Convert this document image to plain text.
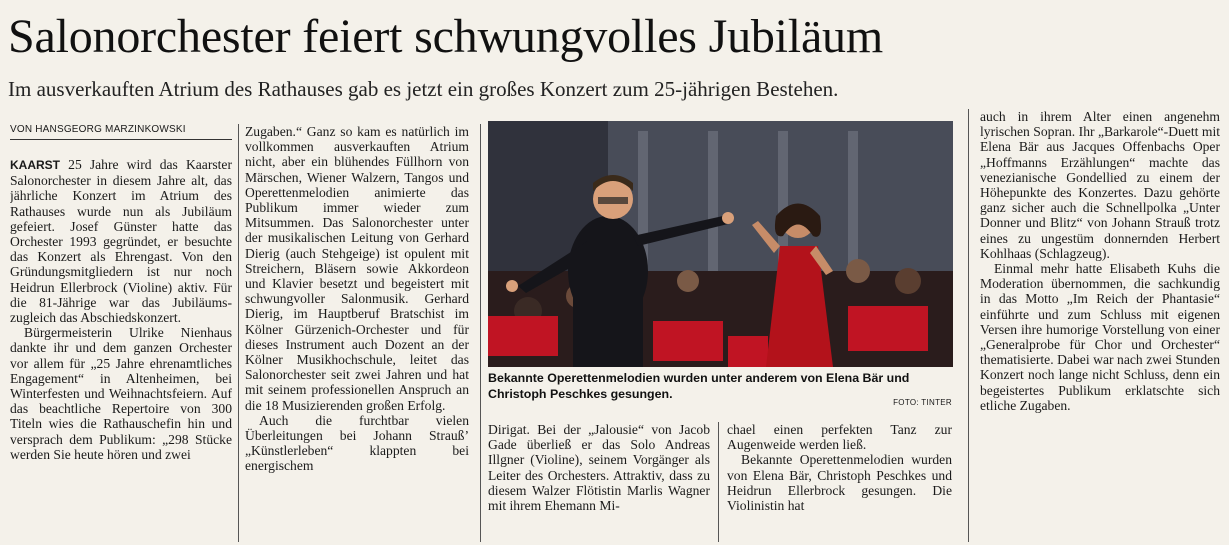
Salonorchester feiert schwungvolles Jubiläum
Im ausverkauften Atrium des Rathauses gab es jetzt ein großes Konzert zum 25-jährigen Bestehen.
VON HANSGEORG MARZINKOWSKI

KAARST 25 Jahre wird das Kaarster Salonorchester in diesem Jahre alt, das jährliche Konzert im Atrium des Rathauses wurde nun als Jubiläum gefeiert. Josef Günster hatte das Orchester 1993 gegründet, er besuchte das Konzert als Ehrengast. Von den Gründungsmitgliedern ist nur noch Heidrun Ellerbrock (Violine) aktiv. Für die 81-Jährige war das Jubiläums- zugleich das Abschiedskonzert.

Bürgermeisterin Ulrike Nienhaus dankte ihr und dem ganzen Orchester vor allem für „25 Jahre ehrenamtliches Engagement“ in Altenheimen, bei Winterfesten und Weihnachtsfeiern. Auf das beachtliche Repertoire von 300 Titeln wies die Rathauschefin hin und versprach dem Publikum: „298 Stücke werden Sie heute hören und zwei

Zugaben.“ Ganz so kam es natürlich im vollkommen ausverkauften Atrium nicht, aber ein blühendes Füllhorn von Märschen, Wiener Walzern, Tangos und Operettenmelodien animierte das Publikum immer wieder zum Mitsummen. Das Salonorchester unter der musikalischen Leitung von Gerhard Dierig (auch Stehgeige) ist opulent mit Streichern, Bläsern sowie Akkordeon und Klavier besetzt und begeistert mit schwungvoller Salonmusik. Gerhard Dierig, im Hauptberuf Bratschist im Kölner Gürzenich-Orchester und für dieses Instrument auch Dozent an der Kölner Musikhochschule, leitet das Salonorchester seit zwei Jahren und hat mit seinem professionellen Anspruch an die 18 Musizierenden großen Erfolg.

Auch die furchtbar vielen Überleitungen bei Johann Strauß’ „Künstlerleben“ klappten bei energischem

Bekannte Operettenmelodien wurden unter anderem von Elena Bär und Christoph Peschkes gesungen.
FOTO: TINTER

Dirigat. Bei der „Jalousie“ von Jacob Gade überließ er das Solo Andreas Illgner (Violine), seinem Vorgänger als Leiter des Orchesters. Attraktiv, dass zu diesem Walzer Flötistin Marlis Wagner mit ihrem Ehemann Mi-

chael einen perfekten Tanz zur Augenweide werden ließ.

Bekannte Operettenmelodien wurden von Elena Bär, Christoph Peschkes und Heidrun Ellerbrock gesungen. Die Violinistin hat

auch in ihrem Alter einen angenehm lyrischen Sopran. Ihr „Barkarole“-Duett mit Elena Bär aus Jacques Offenbachs Oper „Hoffmanns Erzählungen“ machte das venezianische Gondellied zu einem der Höhepunkte des Konzertes. Dazu gehörte ganz sicher auch die Schnellpolka „Unter Donner und Blitz“ von Johann Strauß trotz eines zu ungestüm donnernden Herbert Kohlhaas (Schlagzeug).

Einmal mehr hatte Elisabeth Kuhs die Moderation übernommen, die sachkundig in das Motto „Im Reich der Phantasie“ einführte und zum Schluss mit eigenen Versen ihre humorige Vorstellung von einer „Generalprobe für Chor und Orchester“ thematisierte. Dabei war nach zwei Stunden Konzert noch lange nicht Schluss, denn ein begeistertes Publikum erklatschte sich etliche Zugaben.
